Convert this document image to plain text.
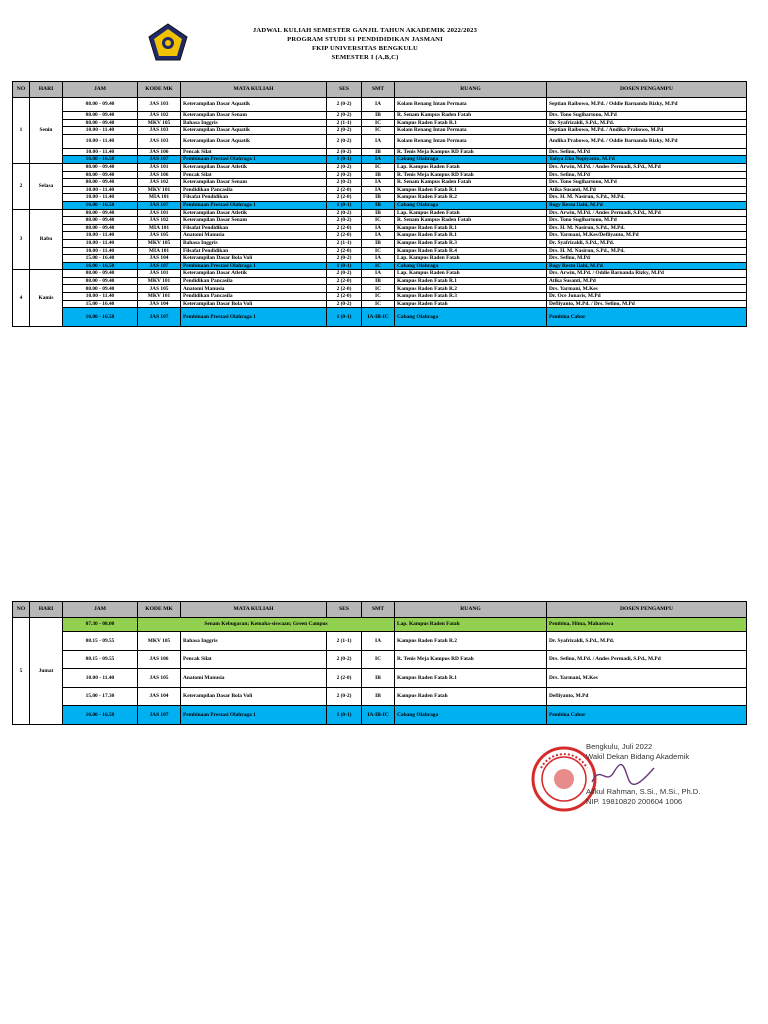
JADWAL KULIAH SEMESTER GANJIL TAHUN AKADEMIK 2022/2023
PROGRAM STUDI S1 PENDIDIDIKAN JASMANI
FKIP UNIVERSITAS BENGKULU
SEMESTER I (A,B,C)
NO	HARI	JAM	KODE MK	MATA KULIAH	SES	SMT	RUANG	DOSEN PENGAMPU
1	Senin	08.00 - 09.40	JAS 103	Keterampilan Dasar Aquatik	2 (0-2)	IA	Kolam Renang Intan Permata	Septian Raibowo, M.Pd. / Oddie Barnanda Rizky, M.Pd
		08.00 - 09.40	JAS 102	Keterampilan Dasar Senam	2 (0-2)	IB	R. Senam Kampus Raden Fatah	Drs. Tono Sugihartono, M.Pd
		08.00 - 09.40	MKV 105	Bahasa Inggris	2 (1-1)	IC	Kampus Raden Fatah R.1	Dr. Syafrizaldi, S.Pd., M.Pd.
		10.00 - 11.40	JAS 103	Keterampilan Dasar Aquatik	2 (0-2)	IC	Kolam Renang Intan Permata	Septian Raibowo, M.Pd. / Andika Prabowo, M.Pd
		10.00 - 11.40	JAS 103	Keterampilan Dasar Aquatik	2 (0-2)	IA	Kolam Renang Intan Permata	Andika Prabowo, M.Pd. / Oddie Barnanda Rizky, M.Pd
		10.00 - 11.40	JAS 106	Pencak Silat	2 (0-2)	IB	R. Tenis Meja Kampus RD Fatah	Drs. Sefino, M.Pd
		16.00 - 16.50	JAS 107	Pembinaan Prestasi Olahraga 1	1 (0-1)	IA	Cabang Olahraga	Yahya Eko Nopiyanto, M.Pd
2	Selasa	08.00 - 09.40	JAS 101	Keterampilan Dasar Atletik	2 (0-2)	IC	Lap. Kampus Raden Fatah	Drs. Arwin, M.Pd. / Andes Permadi, S.Pd., M.Pd
		08.00 - 09.40	JAS 106	Pencak Silat	2 (0-2)	IB	R. Tenis Meja Kampus RD Fatah	Drs. Sefino, M.Pd
		08.00 - 09.40	JAS 102	Keterampilan Dasar Senam	2 (0-2)	IA	R. Senam Kampus Raden Fatah	Drs. Tono Sugihartono, M.Pd
		10.00 - 11.40	MKV 101	Pendidikan Pancasila	2 (2-0)	IA	Kampus Raden Fatah R.1	Atika Susanti, M.Pd
		10.00 - 11.40	MIA 101	Filsafat Pendidikan	2 (2-0)	IB	Kampus Raden Fatah R.2	Drs. H. M. Nasirun, S.Pd., M.Pd.
		16.00 - 16.50	JAS 107	Pembinaan Prestasi Olahraga 1	1 (0-1)	IB	Cabang Olahraga	Bogy Restu Ilahi, M.Pd
3	Rabu	08.00 - 09.40	JAS 101	Keterampilan Dasar Atletik	2 (0-2)	IB	Lap. Kampus Raden Fatah	Drs. Arwin, M.Pd. / Andes Permadi, S.Pd., M.Pd
		08.00 - 09.40	JAS 102	Keterampilan Dasar Senam	2 (0-2)	IC	R. Senam Kampus Raden Fatah	Drs. Tono Sugihartono, M.Pd
		08.00 - 09.40	MIA 101	Filsafat Pendidikan	2 (2-0)	IA	Kampus Raden Fatah R.1	Drs. H. M. Nasirun, S.Pd., M.Pd.
		10.00 - 11.40	JAS 105	Anatomi Manusia	2 (2-0)	IA	Kampus Raden Fatah R.1	Drs. Yarmani, M.Kes/Defliyanto, M.Pd
		10.00 - 11.40	MKV 105	Bahasa Inggris	2 (1-1)	IB	Kampus Raden Fatah R.3	Dr. Syafrizaldi, S.Pd., M.Pd.
		10.00 - 11.40	MIA 101	Filsafat Pendidikan	2 (2-0)	IC	Kampus Raden Fatah R.4	Drs. H. M. Nasirun, S.Pd., M.Pd.
		15.00 - 16.40	JAS 104	Keterampilan Dasar Bola Voli	2 (0-2)	IA	Lap. Kampus Raden Fatah	Drs. Sefino, M.Pd
		16.00 - 16.50	JAS 107	Pembinaan Prestasi Olahraga 1	1 (0-1)	IC	Cabang Olahraga	Bogy Restu Ilahi, M.Pd
4	Kamis	08.00 - 09.40	JAS 101	Keterampilan Dasar Atletik	2 (0-2)	IA	Lap. Kampus Raden Fatah	Drs. Arwin, M.Pd. / Oddie Barnanda Rizky, M.Pd
		08.00 - 09.40	MKV 101	Pendidikan Pancasila	2 (2-0)	IB	Kampus Raden Fatah R.1	Atika Susanti, M.Pd
		08.00 - 09.40	JAS 105	Anatomi Manusia	2 (2-0)	IC	Kampus Raden Fatah R.2	Drs. Yarmani, M.Kes
		10.00 - 11.40	MKV 101	Pendidikan Pancasila	2 (2-0)	IC	Kampus Raden Fatah R.3	Dr. Oce Junaris, M.Pd
		15.00 - 16.40	JAS 104	Keterampilan Dasar Bola Voli	2 (0-2)	IC	Kampus Raden Fatah	Defliyanto, M.Pd. / Drs. Sefino, M.Pd
		16.00 - 16.50	JAS 107	Pembinaan Prestasi Olahraga 1	1 (0-1)	IA-IB-IC	Cabang Olahraga	Pembina Cabor
NO	HARI	JAM	KODE MK	MATA KULIAH	SES	SMT	RUANG	DOSEN PENGAMPU
5	Jumat	07.30 - 08.00	Senam Kebugaran; Kemaha-siswaan; Green Campus				Lap. Kampus Raden Fatah	Pembina, Hima, Mahasiswa
		08.15 - 09.55	MKV 105	Bahasa Inggris	2 (1-1)	IA	Kampus Raden Fatah R.2	Dr. Syafrizaldi, S.Pd., M.Pd.
		08.15 - 09.55	JAS 106	Pencak Silat	2 (0-2)	IC	R. Tenis Meja Kampus RD Fatah	Drs. Sefino, M.Pd. / Andes Permadi, S.Pd., M.Pd
		10.00 - 11.40	JAS 105	Anatomi Manusia	2 (2-0)	IB	Kampus Raden Fatah R.1	Drs. Yarmani, M.Kes
		15.00 - 17.30	JAS 104	Keterampilan Dasar Bola Voli	2 (0-2)	IB	Kampus Raden Fatah	Defliyanto, M.Pd
		16.00 - 16.50	JAS 107	Pembinaan Prestasi Olahraga 1	1 (0-1)	IA-IB-IC	Cabang Olahraga	Pembina Cabor
Bengkulu, Juli 2022
Wakil Dekan Bidang Akademik
Alfkul Rahman, S.Si., M.Si., Ph.D.
NIP. 19810820 200604 1006
